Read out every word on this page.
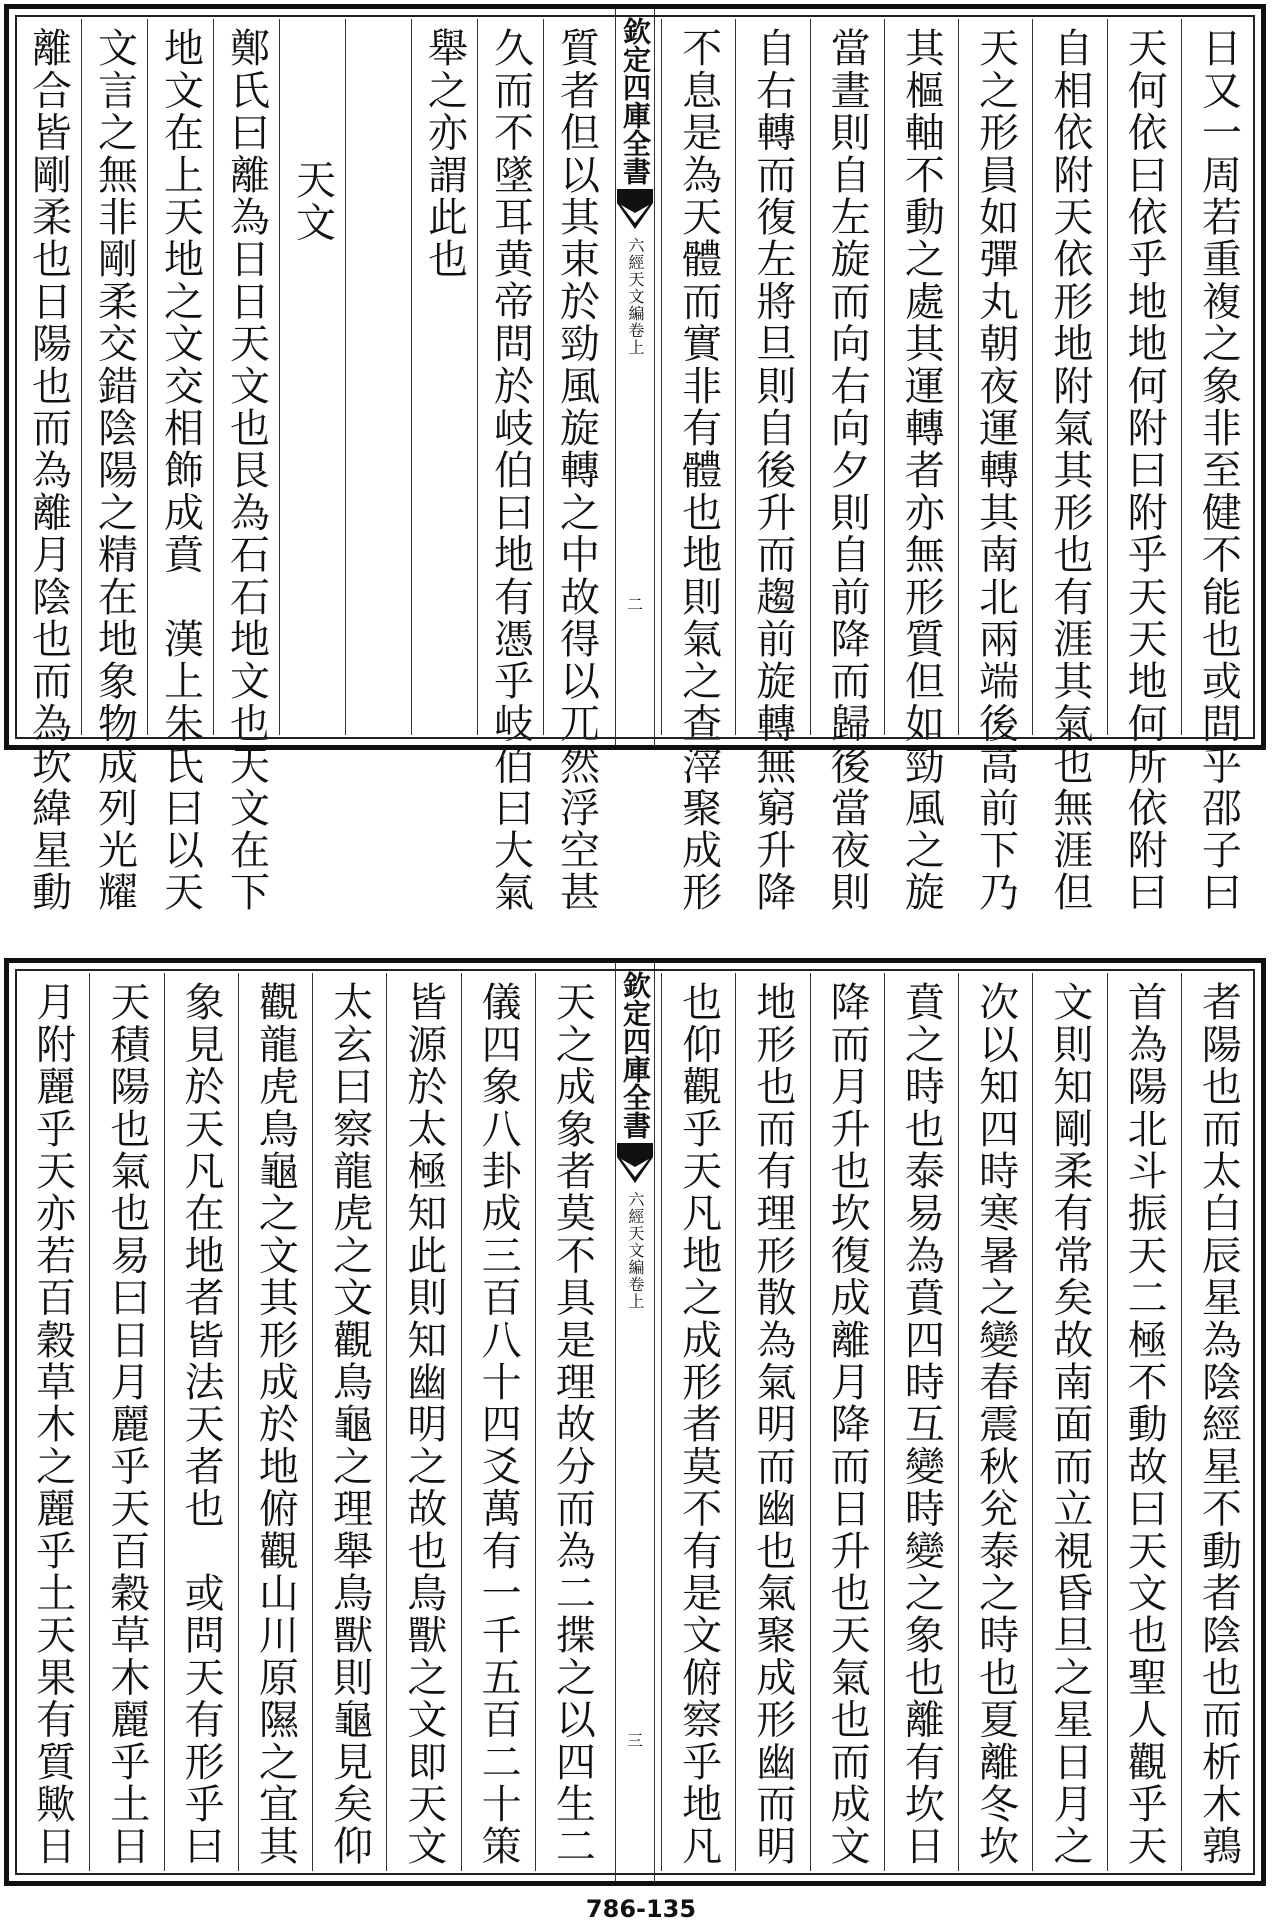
日又一周若重複之象非至健不能也或問乎邵子曰
天何依曰依乎地地何附曰附乎天天地何所依附曰
自相依附天依形地附氣其形也有涯其氣也無涯但
天之形員如彈丸朝夜運轉其南北兩端後高前下乃
其樞軸不動之處其運轉者亦無形質但如勁風之旋
當晝則自左旋而向右向夕則自前降而歸後當夜則
自右轉而復左將旦則自後升而趨前旋轉無窮升降
不息是為天體而實非有體也地則氣之查滓聚成形
欽定四庫全書
六經天文編卷上
二
質者但以其束於勁風旋轉之中故得以兀然浮空甚
久而不墜耳黄帝問於岐伯曰地有憑乎岐伯曰大氣
舉之亦謂此也
天文
鄭氏曰離為日日天文也艮為石石地文也天文在下
地文在上天地之文交相飾成賁　漢上朱氏曰以天
文言之無非剛柔交錯陰陽之精在地象物成列光耀
離合皆剛柔也日陽也而為離月陰也而為坎緯星動
者陽也而太白辰星為陰經星不動者陰也而析木鶉
首為陽北斗振天二極不動故曰天文也聖人觀乎天
文則知剛柔有常矣故南面而立視昏旦之星日月之
次以知四時寒暑之變春震秋兊泰之時也夏離冬坎
賁之時也泰易為賁四時互變時變之象也離有坎日
降而月升也坎復成離月降而日升也天氣也而成文
地形也而有理形散為氣明而幽也氣聚成形幽而明
也仰觀乎天凡地之成形者莫不有是文俯察乎地凡
欽定四庫全書
六經天文編卷上
三
天之成象者莫不具是理故分而為二揲之以四生二
儀四象八卦成三百八十四爻萬有一千五百二十策
皆源於太極知此則知幽明之故也鳥獸之文即天文
太玄曰察龍虎之文觀鳥龜之理舉鳥獸則龜見矣仰
觀龍虎鳥龜之文其形成於地俯觀山川原隰之宜其
象見於天凡在地者皆法天者也　或問天有形乎曰
天積陽也氣也易曰日月麗乎天百穀草木麗乎土日
月附麗乎天亦若百穀草木之麗乎土天果有質歟日
786-135
